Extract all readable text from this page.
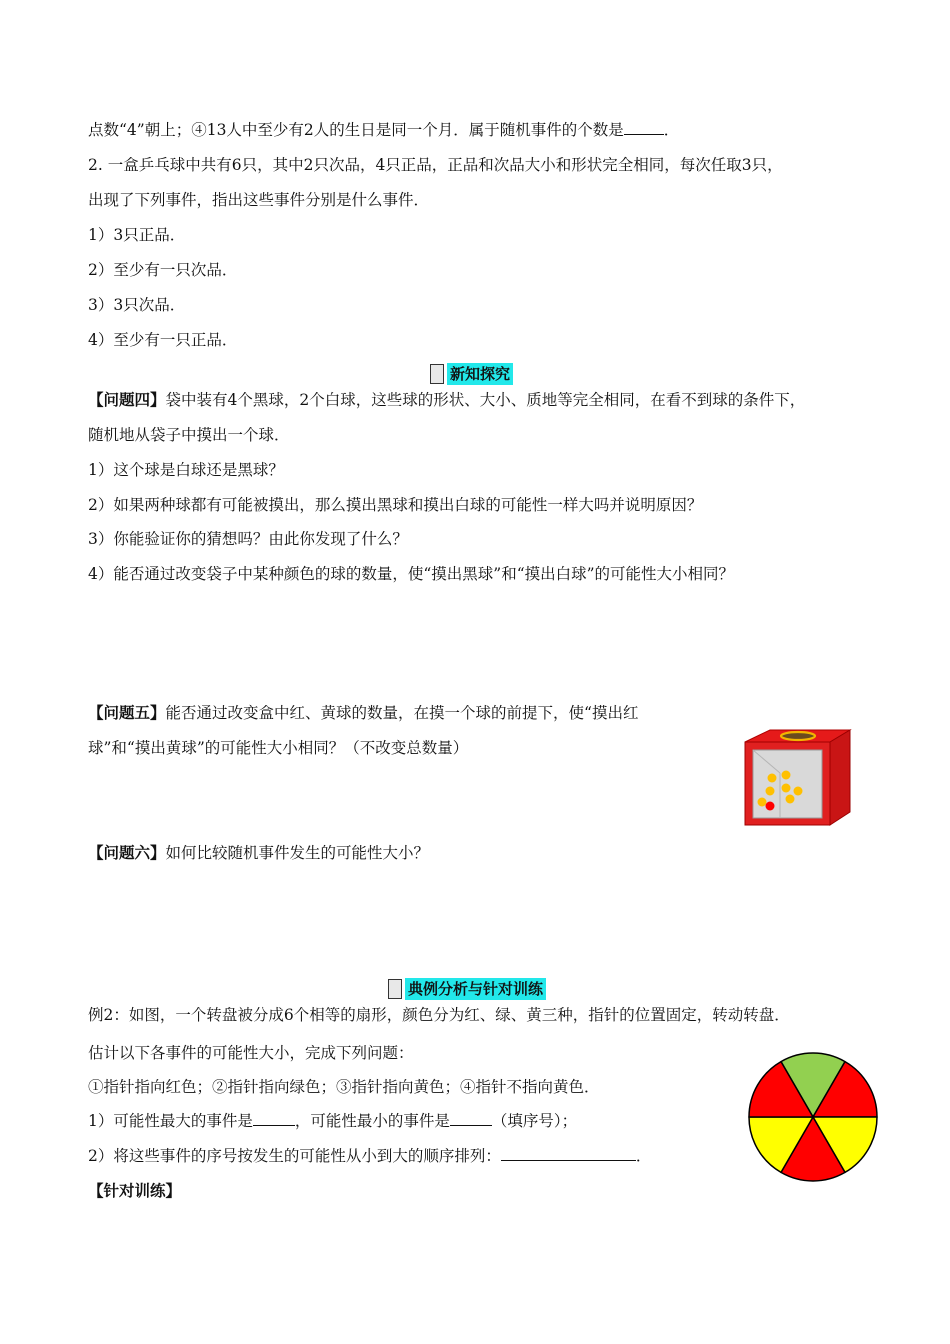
点数“4”朝上；④13人中至少有2人的生日是同一个月．属于随机事件的个数是	．
2. 一盒乒乓球中共有6只，其中2只次品，4只正品，正品和次品大小和形状完全相同，每次任取3只，
出现了下列事件，指出这些事件分别是什么事件．
1）3只正品．
2）至少有一只次品．
3）3只次品．
4）至少有一只正品．
新知探究
【问题四】袋中装有4个黑球，2个白球，这些球的形状、大小、质地等完全相同，在看不到球的条件下，
随机地从袋子中摸出一个球．
1）这个球是白球还是黑球？
2）如果两种球都有可能被摸出，那么摸出黑球和摸出白球的可能性一样大吗并说明原因？
3）你能验证你的猜想吗？由此你发现了什么？
4）能否通过改变袋子中某种颜色的球的数量，使“摸出黑球”和“摸出白球”的可能性大小相同？
【问题五】能否通过改变盒中红、黄球的数量，在摸一个球的前提下，使“摸出红
球”和“摸出黄球”的可能性大小相同？（不改变总数量）
【问题六】如何比较随机事件发生的可能性大小？
典例分析与针对训练
例2：如图，一个转盘被分成6个相等的扇形，颜色分为红、绿、黄三种，指针的位置固定，转动转盘．
估计以下各事件的可能性大小，完成下列问题：
①指针指向红色；②指针指向绿色；③指针指向黄色；④指针不指向黄色．
1）可能性最大的事件是	，可能性最小的事件是	（填序号）；
2）将这些事件的序号按发生的可能性从小到大的顺序排列：	．
【针对训练】
